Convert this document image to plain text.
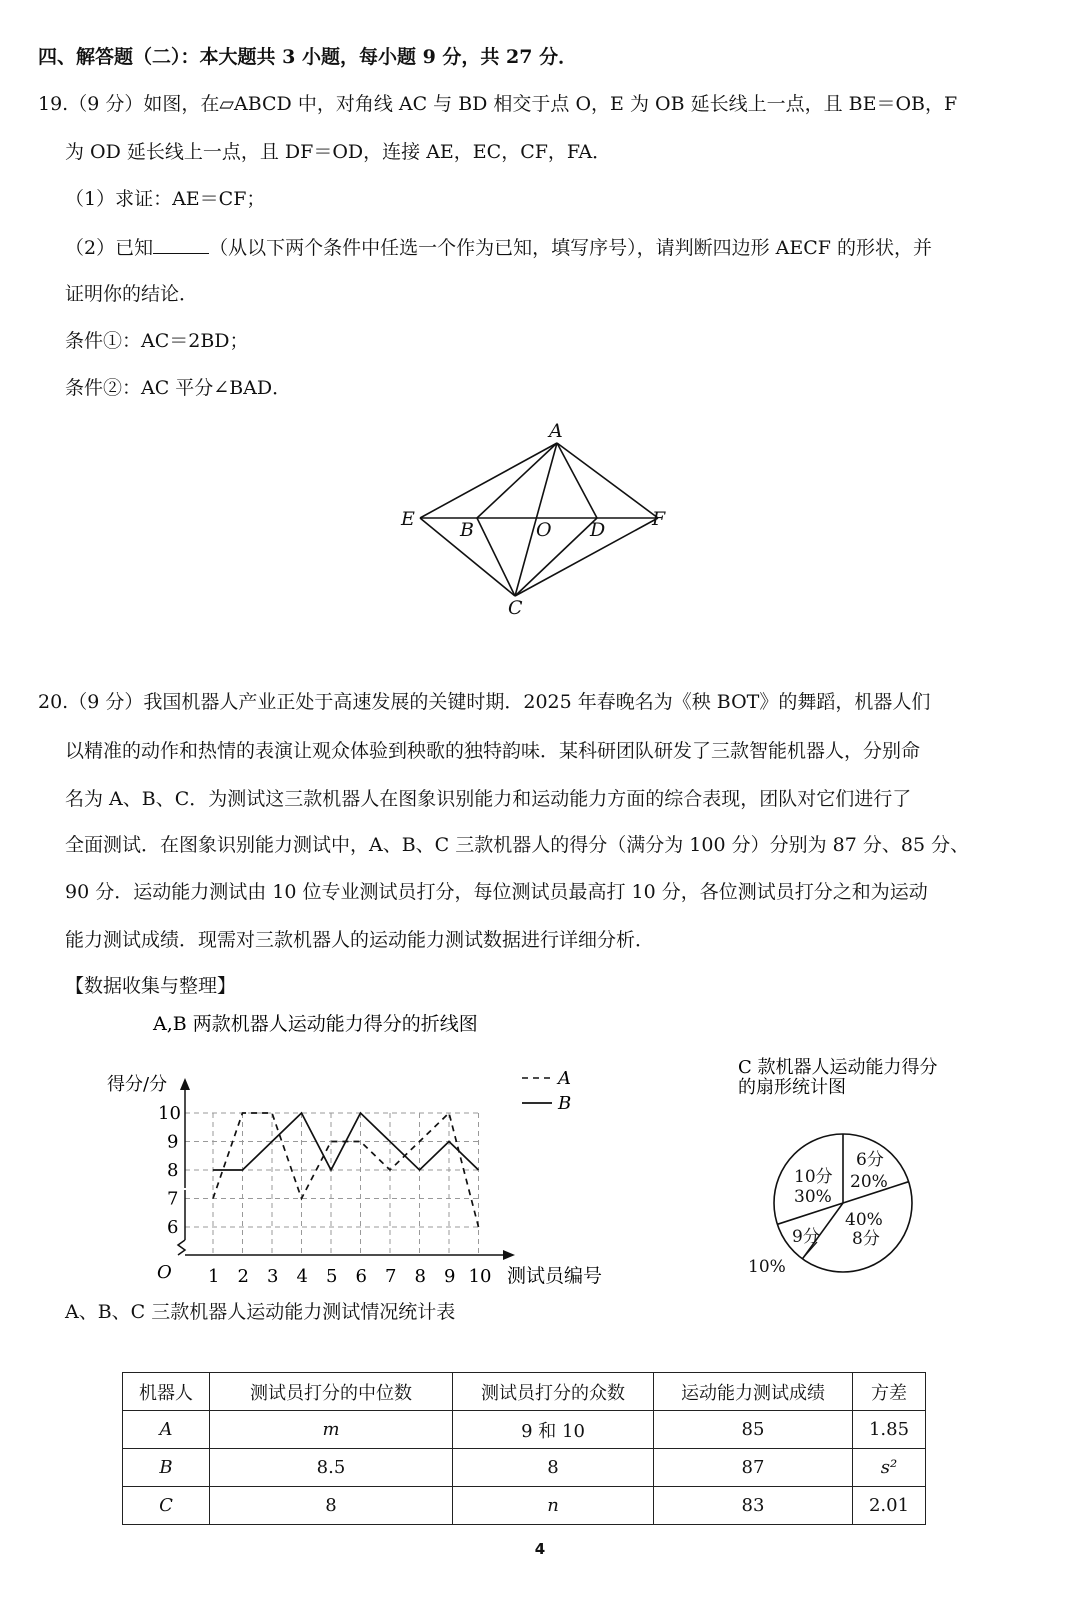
四、解答题（二）：本大题共 3 小题，每小题 9 分，共 27 分．
19.（9 分）如图，在▱ABCD 中，对角线 AC 与 BD 相交于点 O，E 为 OB 延长线上一点，且 BE＝OB，F
为 OD 延长线上一点，且 DF＝OD，连接 AE，EC，CF，FA．
（1）求证：AE＝CF；
（2）已知	（从以下两个条件中任选一个作为已知，填写序号），请判断四边形 AECF 的形状，并
证明你的结论．
条件①：AC＝2BD；
条件②：AC 平分∠BAD．
A
E B	O D F
C
20.（9 分）我国机器人产业正处于高速发展的关键时期．2025 年春晚名为《秧 BOT》的舞蹈，机器人们
以精准的动作和热情的表演让观众体验到秧歌的独特韵味．某科研团队研发了三款智能机器人，分别命
名为 A、B、C．为测试这三款机器人在图象识别能力和运动能力方面的综合表现，团队对它们进行了
全面测试．在图象识别能力测试中，A、B、C 三款机器人的得分（满分为 100 分）分别为 87 分、85 分、
90 分．运动能力测试由 10 位专业测试员打分，每位测试员最高打 10 分，各位测试员打分之和为运动
能力测试成绩．现需对三款机器人的运动能力测试数据进行详细分析．
【数据收集与整理】
A,B 两款机器人运动能力得分的折线图
得分/分
6
7
8
9
10
1 2 3 4 5 6 7 8 9 10
O	测试员编号
A
B
C 款机器人运动能力得分
的扇形统计图
6分
20%
40%
8分
9分
10%
10分
30%
A、B、C 三款机器人运动能力测试情况统计表
机器人	测试员打分的中位数	测试员打分的众数	运动能力测试成绩	方差
A	m	9 和 10	85	1.85
B	8.5	8	87	s²
C	8	n	83	2.01
4
